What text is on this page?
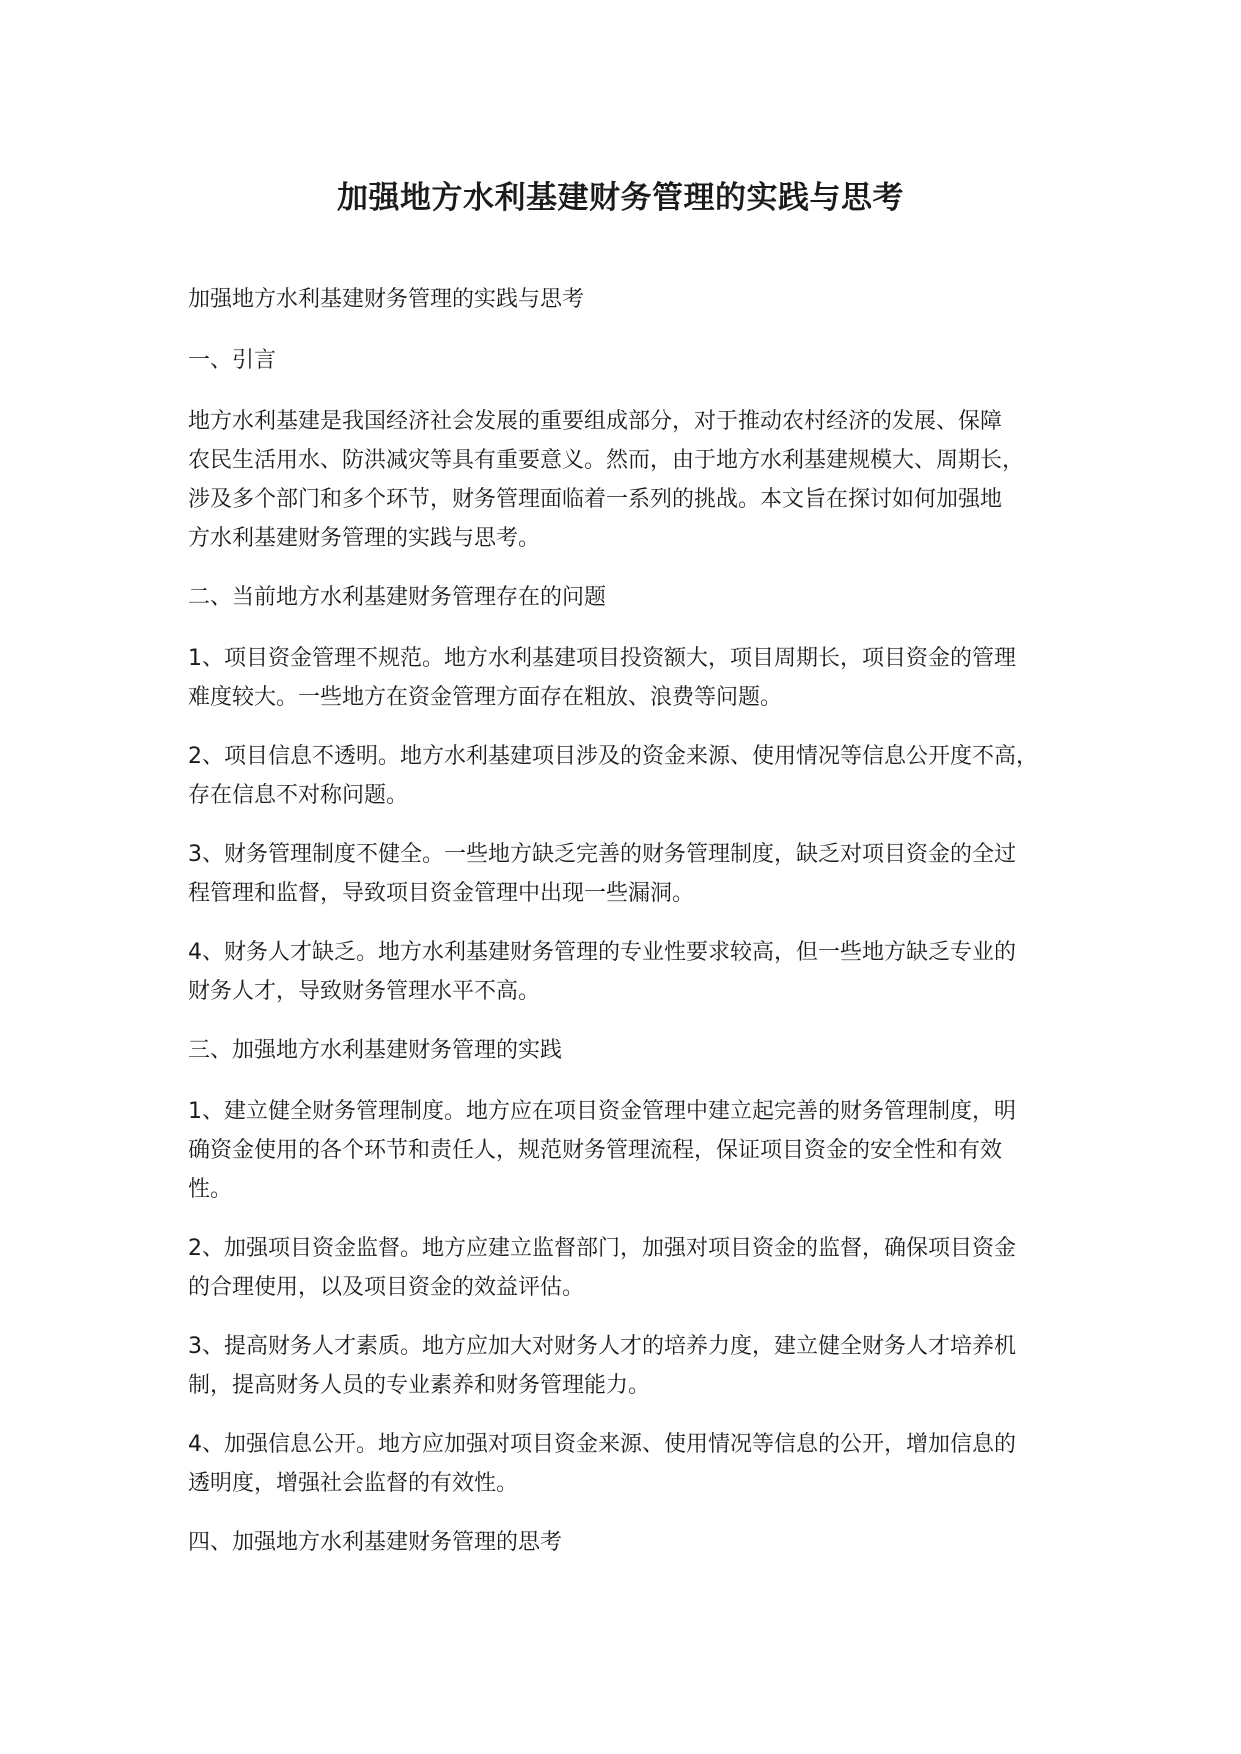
加强地方水利基建财务管理的实践与思考

加强地方水利基建财务管理的实践与思考

一、引言

地方水利基建是我国经济社会发展的重要组成部分，对于推动农村经济的发展、保障
农民生活用水、防洪减灾等具有重要意义。然而，由于地方水利基建规模大、周期长，
涉及多个部门和多个环节，财务管理面临着一系列的挑战。本文旨在探讨如何加强地
方水利基建财务管理的实践与思考。

二、当前地方水利基建财务管理存在的问题

1、项目资金管理不规范。地方水利基建项目投资额大，项目周期长，项目资金的管理
难度较大。一些地方在资金管理方面存在粗放、浪费等问题。

2、项目信息不透明。地方水利基建项目涉及的资金来源、使用情况等信息公开度不高，
存在信息不对称问题。

3、财务管理制度不健全。一些地方缺乏完善的财务管理制度，缺乏对项目资金的全过
程管理和监督，导致项目资金管理中出现一些漏洞。

4、财务人才缺乏。地方水利基建财务管理的专业性要求较高，但一些地方缺乏专业的
财务人才，导致财务管理水平不高。

三、加强地方水利基建财务管理的实践

1、建立健全财务管理制度。地方应在项目资金管理中建立起完善的财务管理制度，明
确资金使用的各个环节和责任人，规范财务管理流程，保证项目资金的安全性和有效
性。

2、加强项目资金监督。地方应建立监督部门，加强对项目资金的监督，确保项目资金
的合理使用，以及项目资金的效益评估。

3、提高财务人才素质。地方应加大对财务人才的培养力度，建立健全财务人才培养机
制，提高财务人员的专业素养和财务管理能力。

4、加强信息公开。地方应加强对项目资金来源、使用情况等信息的公开，增加信息的
透明度，增强社会监督的有效性。

四、加强地方水利基建财务管理的思考
